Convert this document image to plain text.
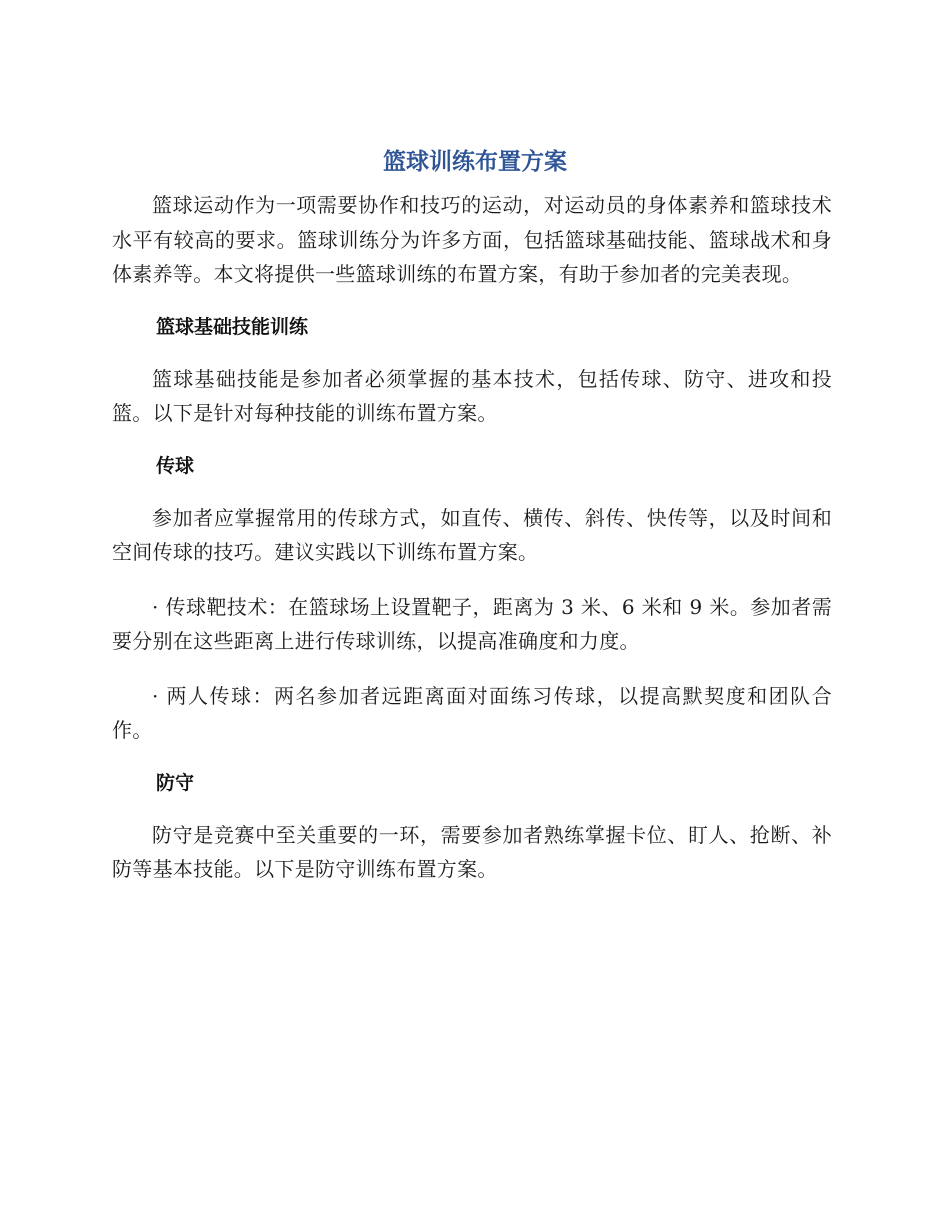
篮球训练布置方案

篮球运动作为一项需要协作和技巧的运动，对运动员的身体素养和篮球技术水平有较高的要求。篮球训练分为许多方面，包括篮球基础技能、篮球战术和身体素养等。本文将提供一些篮球训练的布置方案，有助于参加者的完美表现。

篮球基础技能训练

篮球基础技能是参加者必须掌握的基本技术，包括传球、防守、进攻和投篮。以下是针对每种技能的训练布置方案。

传球

参加者应掌握常用的传球方式，如直传、横传、斜传、快传等，以及时间和空间传球的技巧。建议实践以下训练布置方案。

· 传球靶技术：在篮球场上设置靶子，距离为 3 米、6 米和 9 米。参加者需要分别在这些距离上进行传球训练，以提高准确度和力度。

· 两人传球：两名参加者远距离面对面练习传球，以提高默契度和团队合作。

防守

防守是竞赛中至关重要的一环，需要参加者熟练掌握卡位、盯人、抢断、补防等基本技能。以下是防守训练布置方案。
